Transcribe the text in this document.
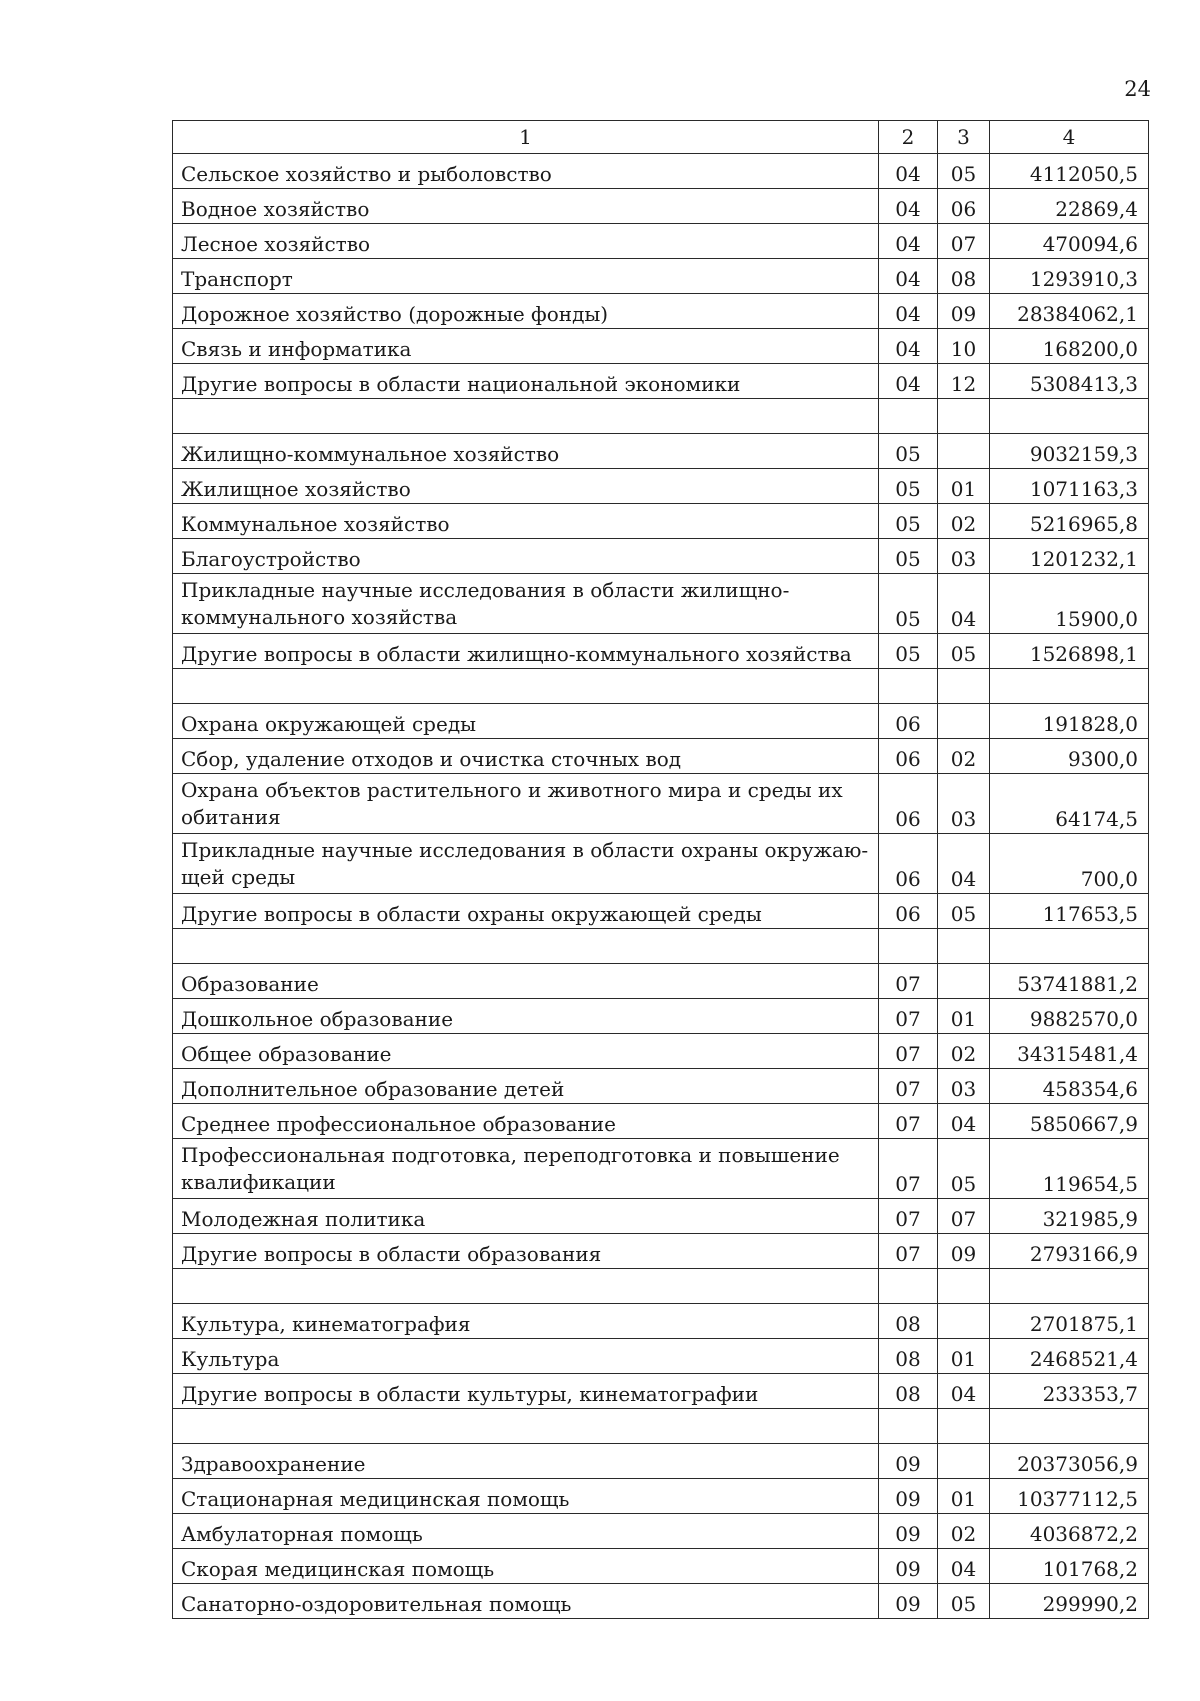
24
1	2	3	4
Сельское хозяйство и рыболовство	04	05	4112050,5
Водное хозяйство	04	06	22869,4
Лесное хозяйство	04	07	470094,6
Транспорт	04	08	1293910,3
Дорожное хозяйство (дорожные фонды)	04	09	28384062,1
Связь и информатика	04	10	168200,0
Другие вопросы в области национальной экономики	04	12	5308413,3

Жилищно-коммунальное хозяйство	05		9032159,3
Жилищное хозяйство	05	01	1071163,3
Коммунальное хозяйство	05	02	5216965,8
Благоустройство	05	03	1201232,1
Прикладные научные исследования в области жилищно-коммунального хозяйства	05	04	15900,0
Другие вопросы в области жилищно-коммунального хозяйства	05	05	1526898,1

Охрана окружающей среды	06		191828,0
Сбор, удаление отходов и очистка сточных вод	06	02	9300,0
Охрана объектов растительного и животного мира и среды их обитания	06	03	64174,5
Прикладные научные исследования в области охраны окружаю-щей среды	06	04	700,0
Другие вопросы в области охраны окружающей среды	06	05	117653,5

Образование	07		53741881,2
Дошкольное образование	07	01	9882570,0
Общее образование	07	02	34315481,4
Дополнительное образование детей	07	03	458354,6
Среднее профессиональное образование	07	04	5850667,9
Профессиональная подготовка, переподготовка и повышение квалификации	07	05	119654,5
Молодежная политика	07	07	321985,9
Другие вопросы в области образования	07	09	2793166,9

Культура, кинематография	08		2701875,1
Культура	08	01	2468521,4
Другие вопросы в области культуры, кинематографии	08	04	233353,7

Здравоохранение	09		20373056,9
Стационарная медицинская помощь	09	01	10377112,5
Амбулаторная помощь	09	02	4036872,2
Скорая медицинская помощь	09	04	101768,2
Санаторно-оздоровительная помощь	09	05	299990,2
